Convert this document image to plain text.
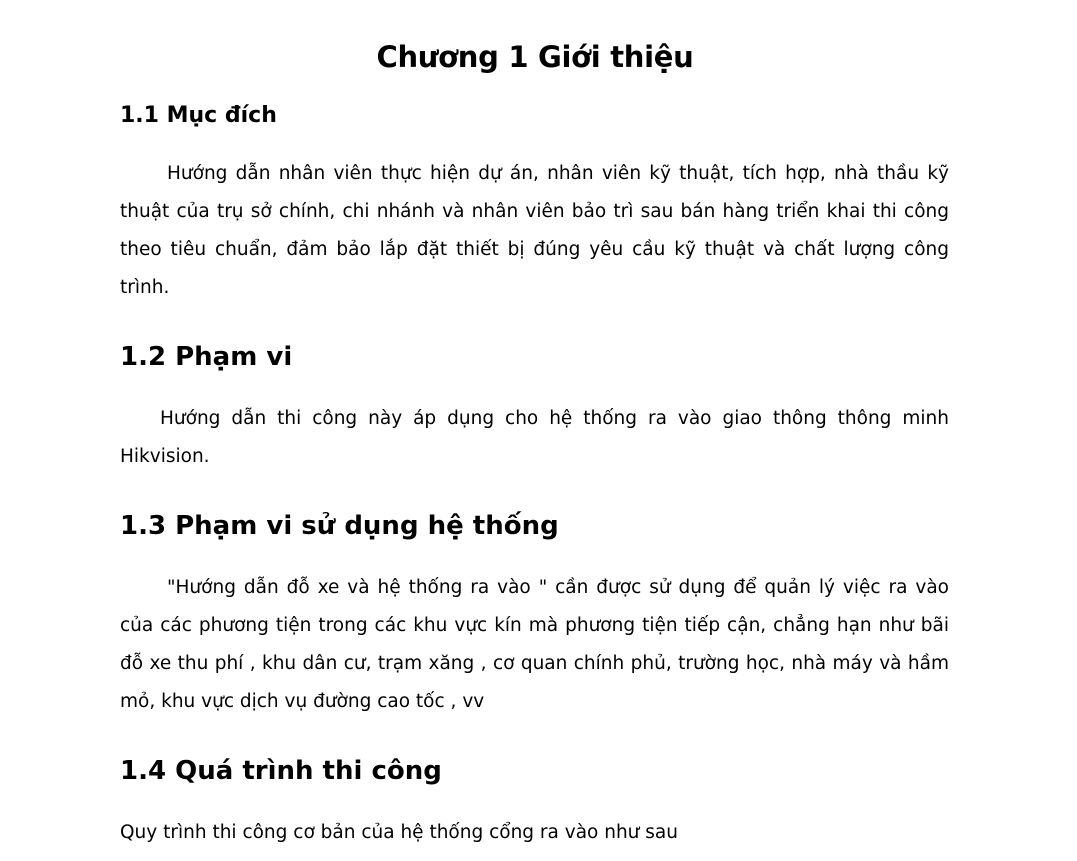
Chương 1 Giới thiệu
1.1 Mục đích

Hướng dẫn nhân viên thực hiện dự án, nhân viên kỹ thuật, tích hợp, nhà thầu kỹ thuật của trụ sở chính, chi nhánh và nhân viên bảo trì sau bán hàng triển khai thi công theo tiêu chuẩn, đảm bảo lắp đặt thiết bị đúng yêu cầu kỹ thuật và chất lượng công trình.

1.2 Phạm vi

Hướng dẫn thi công này áp dụng cho hệ thống ra vào giao thông thông minh Hikvision.

1.3 Phạm vi sử dụng hệ thống

"Hướng dẫn đỗ xe và hệ thống ra vào " cần được sử dụng để quản lý việc ra vào của các phương tiện trong các khu vực kín mà phương tiện tiếp cận, chẳng hạn như bãi đỗ xe thu phí , khu dân cư, trạm xăng , cơ quan chính phủ, trường học, nhà máy và hầm mỏ, khu vực dịch vụ đường cao tốc , vv

1.4 Quá trình thi công

Quy trình thi công cơ bản của hệ thống cổng ra vào như sau
